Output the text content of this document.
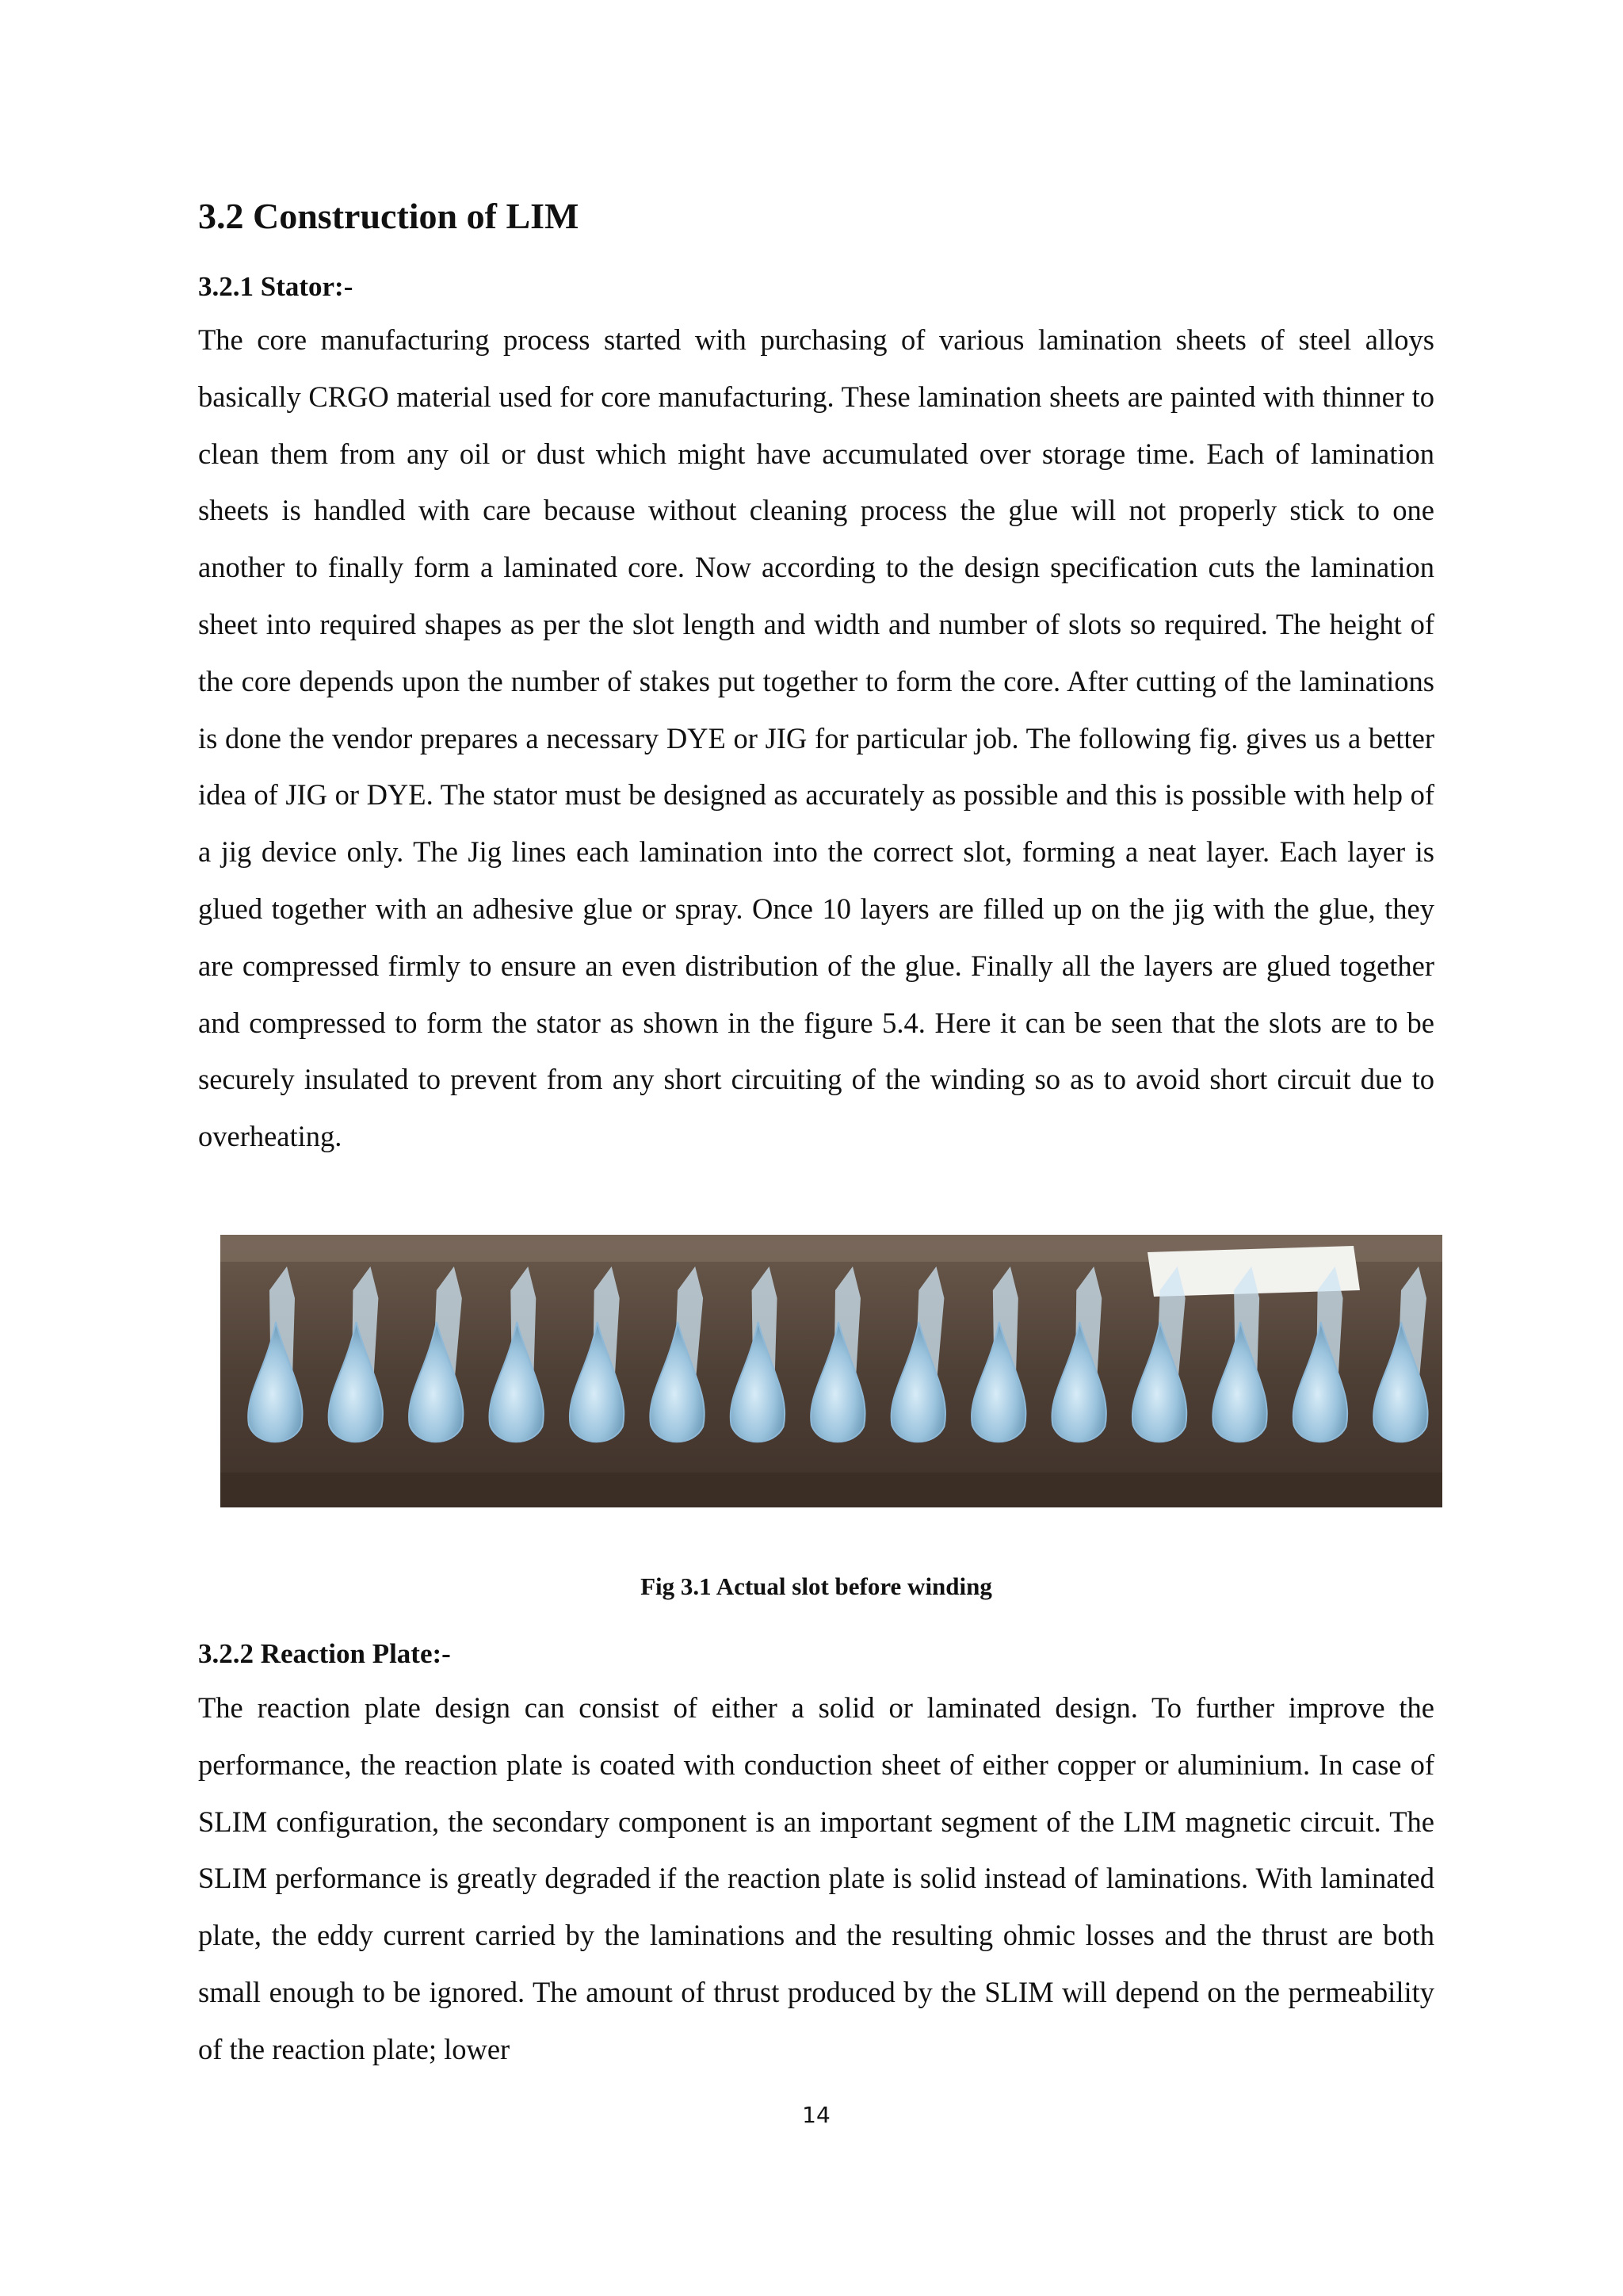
3.2 Construction of LIM
3.2.1 Stator:-

The core manufacturing process started with purchasing of various lamination sheets of steel alloys basically CRGO material used for core manufacturing. These lamination sheets are painted with thinner to clean them from any oil or dust which might have accumulated over storage time. Each of lamination sheets is handled with care because without cleaning process the glue will not properly stick to one another to finally form a laminated core. Now according to the design specification cuts the lamination sheet into required shapes as per the slot length and width and number of slots so required. The height of the core depends upon the number of stakes put together to form the core. After cutting of the laminations is done the vendor prepares a necessary DYE or JIG for particular job. The following fig. gives us a better idea of JIG or DYE. The stator must be designed as accurately as possible and this is possible with help of a jig device only. The Jig lines each lamination into the correct slot, forming a neat layer. Each layer is glued together with an adhesive glue or spray. Once 10 layers are filled up on the jig with the glue, they are compressed firmly to ensure an even distribution of the glue. Finally all the layers are glued together and compressed to form the stator as shown in the figure 5.4. Here it can be seen that the slots are to be securely insulated to prevent from any short circuiting of the winding so as to avoid short circuit due to overheating.

Fig 3.1 Actual slot before winding

3.2.2 Reaction Plate:-

The reaction plate design can consist of either a solid or laminated design. To further improve the performance, the reaction plate is coated with conduction sheet of either copper or aluminium. In case of SLIM configuration, the secondary component is an important segment of the LIM magnetic circuit. The SLIM performance is greatly degraded if the reaction plate is solid instead of laminations. With laminated plate, the eddy current carried by the laminations and the resulting ohmic losses and the thrust are both small enough to be ignored. The amount of thrust produced by the SLIM will depend on the permeability of the reaction plate; lower

14
